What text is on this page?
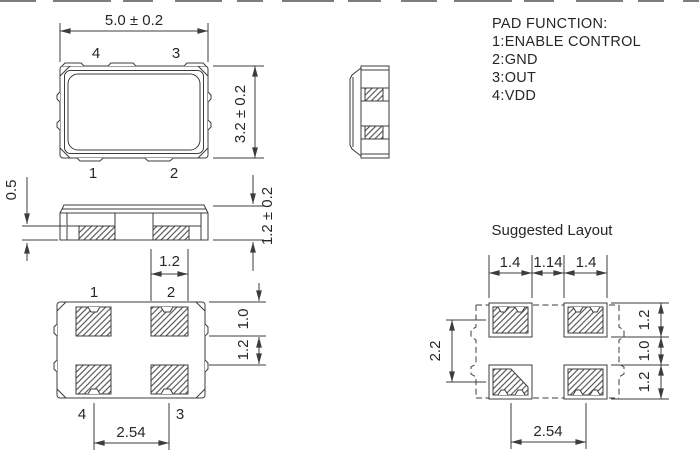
4	3
1	2
5.0 ± 0.2
3.2 ± 0.2
0.5	1.2 ± 0.2
PAD FUNCTION:
1:ENABLE CONTROL
2:GND
3:OUT
4:VDD
1	2
4	3
1.2
1.0
1.2
2.54
Suggested Layout
1.4 1.14 1.4
2.2
1.2
1.0
1.2
2.54
